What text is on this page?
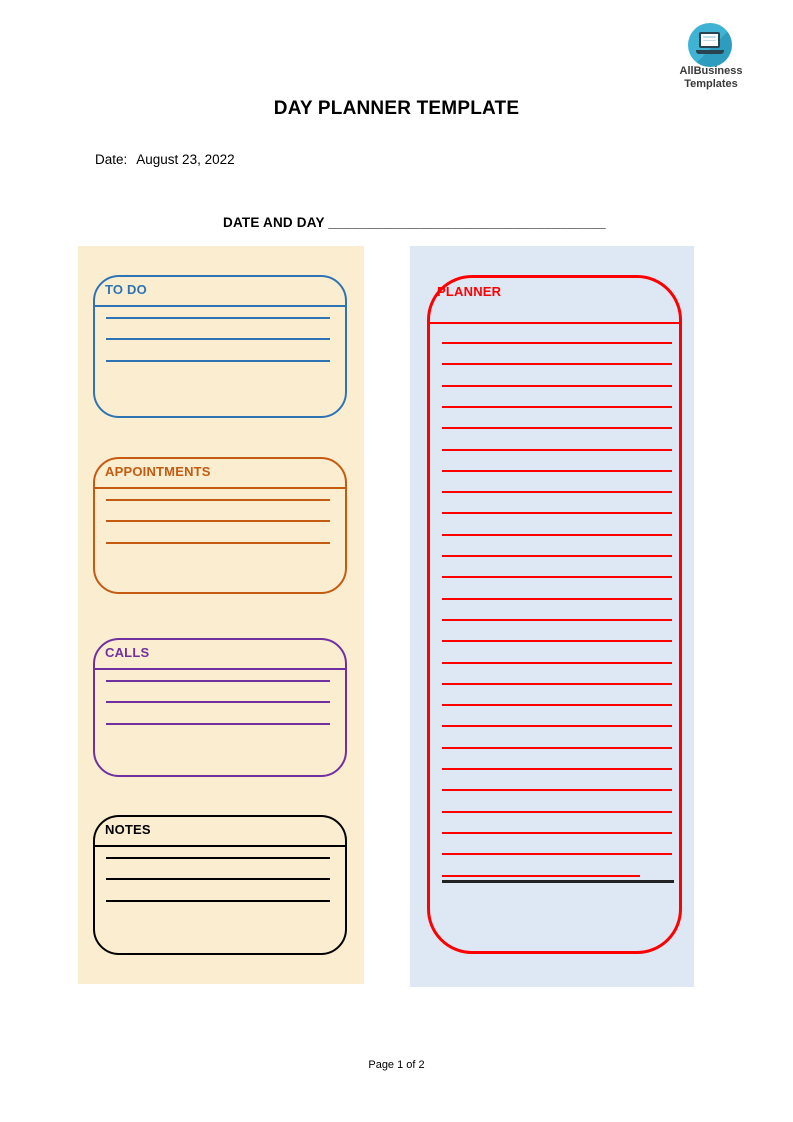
AllBusiness
Templates
DAY PLANNER TEMPLATE
Date: August 23, 2022
DATE AND DAY ____________________________________
TO DO
APPOINTMENTS
CALLS
NOTES
PLANNER
Page 1 of 2
